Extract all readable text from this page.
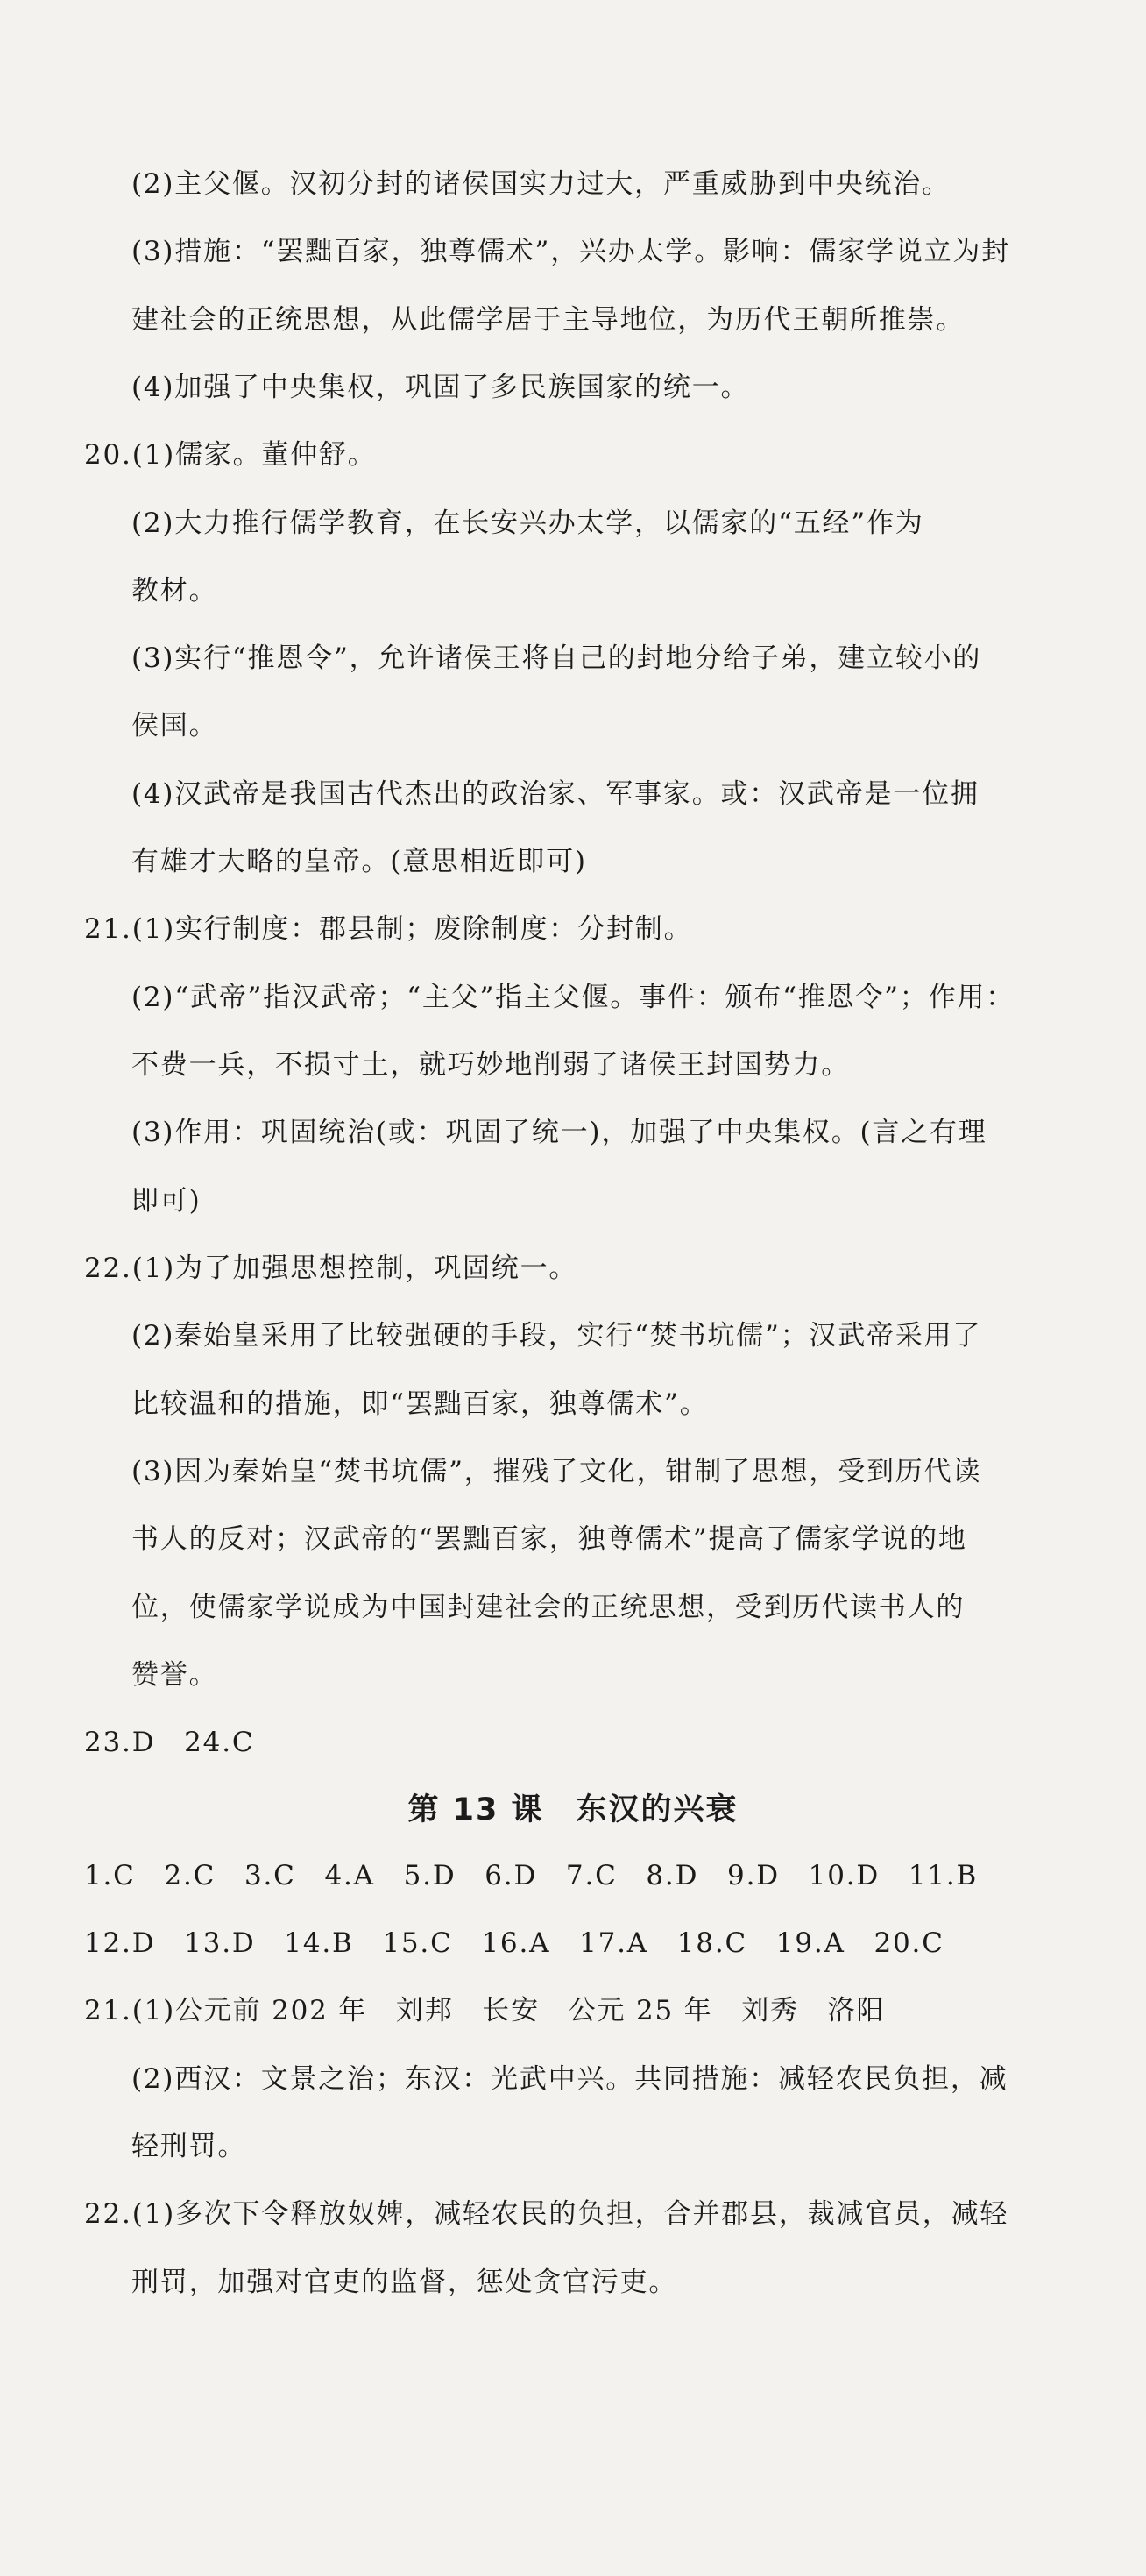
(2)主父偃。汉初分封的诸侯国实力过大，严重威胁到中央统治。
(3)措施：“罢黜百家，独尊儒术”，兴办太学。影响：儒家学说立为封
建社会的正统思想，从此儒学居于主导地位，为历代王朝所推崇。
(4)加强了中央集权，巩固了多民族国家的统一。
20.(1)儒家。董仲舒。
(2)大力推行儒学教育，在长安兴办太学，以儒家的“五经”作为
教材。
(3)实行“推恩令”，允许诸侯王将自己的封地分给子弟，建立较小的
侯国。
(4)汉武帝是我国古代杰出的政治家、军事家。或：汉武帝是一位拥
有雄才大略的皇帝。(意思相近即可)
21.(1)实行制度：郡县制；废除制度：分封制。
(2)“武帝”指汉武帝；“主父”指主父偃。事件：颁布“推恩令”；作用：
不费一兵，不损寸土，就巧妙地削弱了诸侯王封国势力。
(3)作用：巩固统治(或：巩固了统一)，加强了中央集权。(言之有理
即可)
22.(1)为了加强思想控制，巩固统一。
(2)秦始皇采用了比较强硬的手段，实行“焚书坑儒”；汉武帝采用了
比较温和的措施，即“罢黜百家，独尊儒术”。
(3)因为秦始皇“焚书坑儒”，摧残了文化，钳制了思想，受到历代读
书人的反对；汉武帝的“罢黜百家，独尊儒术”提高了儒家学说的地
位，使儒家学说成为中国封建社会的正统思想，受到历代读书人的
赞誉。
23.D　24.C
第 13 课　东汉的兴衰
1.C　2.C　3.C　4.A　5.D　6.D　7.C　8.D　9.D　10.D　11.B
12.D　13.D　14.B　15.C　16.A　17.A　18.C　19.A　20.C
21.(1)公元前 202 年　刘邦　长安　公元 25 年　刘秀　洛阳
(2)西汉：文景之治；东汉：光武中兴。共同措施：减轻农民负担，减
轻刑罚。
22.(1)多次下令释放奴婢，减轻农民的负担，合并郡县，裁减官员，减轻
刑罚，加强对官吏的监督，惩处贪官污吏。
